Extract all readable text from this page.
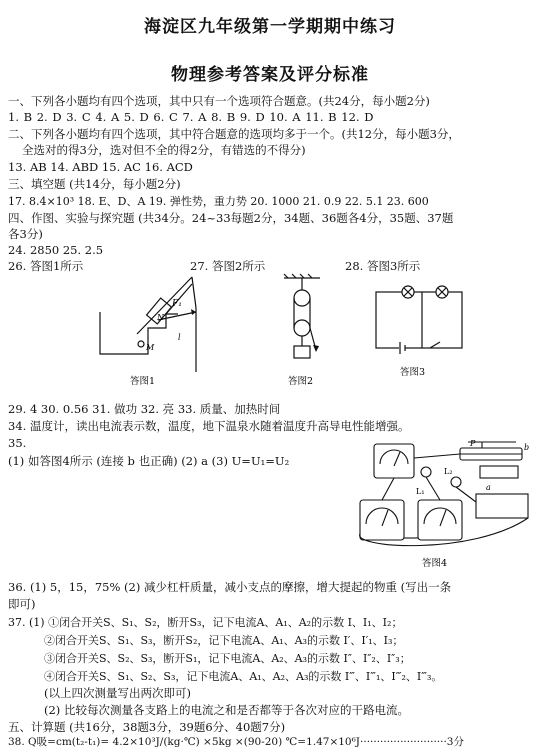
海淀区九年级第一学期期中练习
物理参考答案及评分标准
一、下列各小题均有四个选项，其中只有一个选项符合题意。(共24分，每小题2分)
1. B 2. D 3. C 4. A 5. D 6. C 7. A 8. B 9. D 10. A 11. B 12. D
二、下列各小题均有四个选项，其中符合题意的选项均多于一个。(共12分，每小题3分，
全选对的得3分，选对但不全的得2分，有错选的不得分)
13. AB 14. ABD 15. AC 16. ACD
三、填空题 (共14分，每小题2分)
17. 8.4×10³ 18. E、D、A 19. 弹性势，重力势 20. 1000 21. 0.9 22. 5.1 23. 600
四、作图、实验与探究题 (共34分。24~33每题2分，34题、36题各4分，35题、37题
各3分)
24. 2850 25. 2.5
26. 答图1所示	27. 答图2所示	28. 答图3所示
F₁
N
M
l
答图1	答图2
答图3
29. 4 30. 0.56 31. 做功 32. 亮 33. 质量、加热时间
34. 温度计，读出电流表示数，温度，地下温泉水随着温度升高导电性能增强。
35.
(1) 如答图4所示 (连接 b 也正确) (2) a (3) U=U₁=U₂
P	b
a
L₁
L₂
答图4
36. (1) 5，15，75% (2) 减少杠杆质量，减小支点的摩擦，增大提起的物重 (写出一条
即可)
37. (1) ①闭合开关S、S₁、S₂，断开S₃，记下电流A、A₁、A₂的示数 I、I₁、I₂；
②闭合开关S、S₁、S₃，断开S₂，记下电流A、A₁、A₃的示数 I′、I′₁、I₃；
③闭合开关S、S₂、S₃，断开S₁，记下电流A、A₂、A₃的示数 I″、I″₂、I″₃；
④闭合开关S、S₁、S₂、S₃，记下电流A、A₁、A₂、A₃的示数 I‴、I‴₁、I‴₂、I‴₃。
(以上四次测量写出两次即可)
(2) 比较每次测量各支路上的电流之和是否都等于各次对应的干路电流。
五、计算题 (共16分，38题3分，39题6分、40题7分)
38. Q吸=cm(t₂-t₁)= 4.2×10³J/(kg·℃) ×5kg ×(90-20) ℃=1.47×10⁶J··························3分
